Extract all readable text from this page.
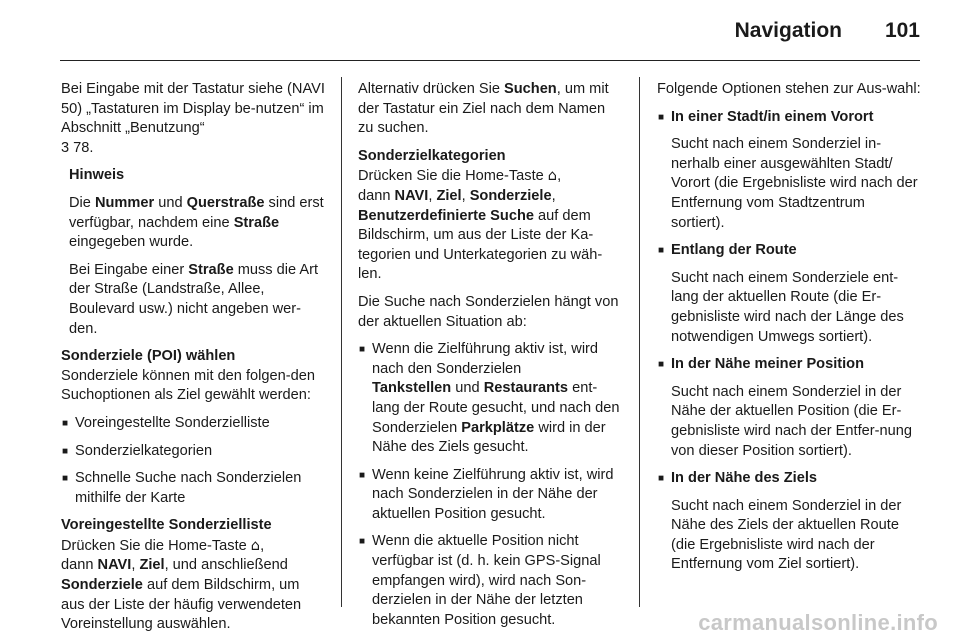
Navigation 101

Bei Eingabe mit der Tastatur siehe (NAVI 50) „Tastaturen im Display be-nutzen“ im Abschnitt „Benutzung“
3 78.

Hinweis

Die Nummer und Querstraße sind erst verfügbar, nachdem eine Straße eingegeben wurde.

Bei Eingabe einer Straße muss die Art der Straße (Landstraße, Allee, Boulevard usw.) nicht angeben wer-den.

Sonderziele (POI) wählen

Sonderziele können mit den folgen-den Suchoptionen als Ziel gewählt werden:

■ Voreingestellte Sonderzielliste
■ Sonderzielkategorien
■ Schnelle Suche nach Sonderzielen mithilfe der Karte

Voreingestellte Sonderzielliste

Drücken Sie die Home-Taste ⌂,
dann NAVI, Ziel, und anschließend Sonderziele auf dem Bildschirm, um aus der Liste der häufig verwendeten Voreinstellung auswählen.

Alternativ drücken Sie Suchen, um mit der Tastatur ein Ziel nach dem Namen zu suchen.

Sonderzielkategorien

Drücken Sie die Home-Taste ⌂,
dann NAVI, Ziel, Sonderziele,
Benutzerdefinierte Suche auf dem Bildschirm, um aus der Liste der Ka-tegorien und Unterkategorien zu wäh-len.

Die Suche nach Sonderzielen hängt von der aktuellen Situation ab:

■ Wenn die Zielführung aktiv ist, wird nach den Sonderzielen
Tankstellen und Restaurants ent-lang der Route gesucht, und nach den Sonderzielen Parkplätze wird in der Nähe des Ziels gesucht.
■ Wenn keine Zielführung aktiv ist, wird nach Sonderzielen in der Nähe der aktuellen Position gesucht.
■ Wenn die aktuelle Position nicht verfügbar ist (d. h. kein GPS-Signal empfangen wird), wird nach Son-derzielen in der Nähe der letzten bekannten Position gesucht.

Folgende Optionen stehen zur Aus-wahl:

■ In einer Stadt/in einem Vorort
Sucht nach einem Sonderziel in-nerhalb einer ausgewählten Stadt/ Vorort (die Ergebnisliste wird nach der Entfernung vom Stadtzentrum sortiert).
■ Entlang der Route
Sucht nach einem Sonderziele ent-lang der aktuellen Route (die Er-gebnisliste wird nach der Länge des notwendigen Umwegs sortiert).
■ In der Nähe meiner Position
Sucht nach einem Sonderziel in der Nähe der aktuellen Position (die Er-gebnisliste wird nach der Entfer-nung von dieser Position sortiert).
■ In der Nähe des Ziels
Sucht nach einem Sonderziel in der Nähe des Ziels der aktuellen Route (die Ergebnisliste wird nach der Entfernung vom Ziel sortiert).
carmanualsonline.info
